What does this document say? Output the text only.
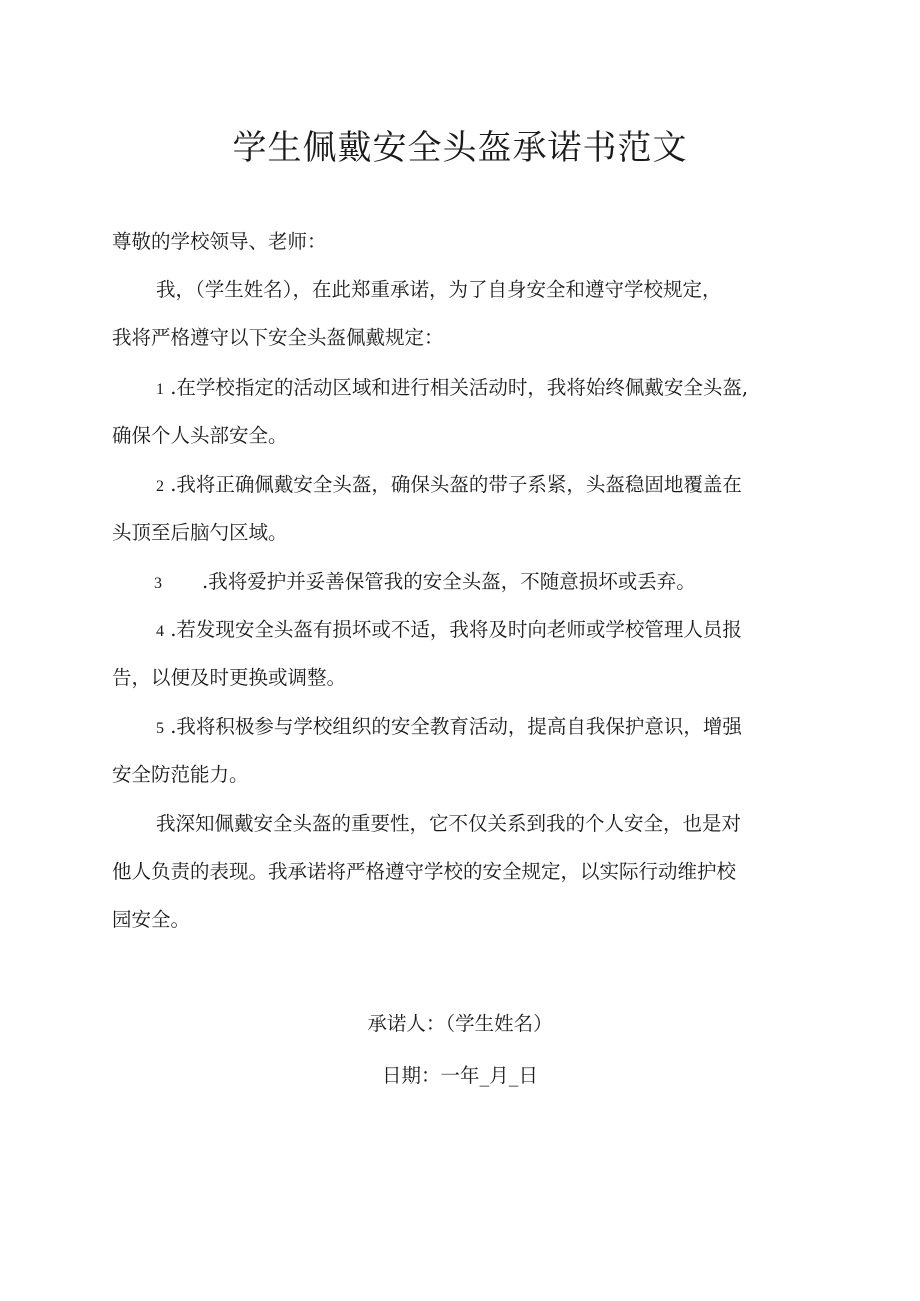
学生佩戴安全头盔承诺书范文

尊敬的学校领导、老师：

我，（学生姓名），在此郑重承诺，为了自身安全和遵守学校规定，

我将严格遵守以下安全头盔佩戴规定：

1 .在学校指定的活动区域和进行相关活动时，我将始终佩戴安全头盔,

确保个人头部安全。

2 .我将正确佩戴安全头盔，确保头盔的带子系紧，头盔稳固地覆盖在

头顶至后脑勺区域。

3 .我将爱护并妥善保管我的安全头盔，不随意损坏或丢弃。

4 .若发现安全头盔有损坏或不适，我将及时向老师或学校管理人员报

告，以便及时更换或调整。

5 .我将积极参与学校组织的安全教育活动，提高自我保护意识，增强

安全防范能力。

我深知佩戴安全头盔的重要性，它不仅关系到我的个人安全，也是对

他人负责的表现。我承诺将严格遵守学校的安全规定，以实际行动维护校

园安全。

承诺人：（学生姓名）

日期：一年_月_日
